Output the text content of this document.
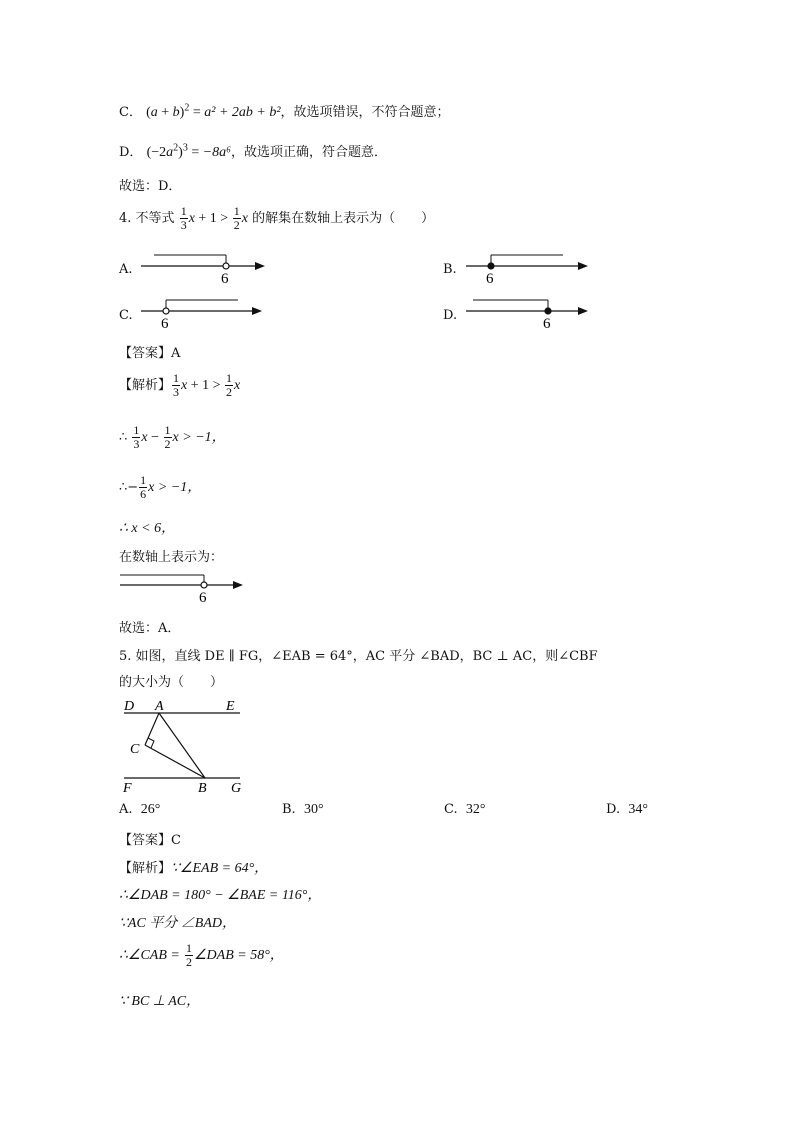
C． $(a + b)^2 = a^2 + 2ab + b^2$，故选项错误，不符合题意；
D． $(-2a^2)^3 = -8a^6$，故选项正确，符合题意．
故选：D．
4. 不等式 $\frac{1}{3}$ $x + 1 > \frac{1}{2}$ x 的解集在数轴上表示为（　　）
A.
6
B.
6
C.
6
D.
6
【答案】A
【解析】 $\frac{1}{3}$ $x + 1 > \frac{1}{2}$ x
∴ $\frac{1}{3}$ $x - \frac{1}{2}$ x > −1，
∴− $\frac{1}{6}$ x > −1，
∴ x < 6，
在数轴上表示为：
6
故选：A．
5. 如图，直线 DE ∥ FG，∠EAB = 64°，AC 平分 ∠BAD，BC ⊥ AC，则∠CBF
的大小为（　　）
D A	E
C
F	B G
A. 26°	B. 30°	C. 32°	D. 34°
【答案】C
【解析】∵∠EAB = 64°，
∴∠DAB = 180° − ∠BAE = 116°，
∵AC 平分 ∠BAD，
∴∠CAB = $\frac{1}{2}$ ∠DAB = 58°，
∵ BC ⊥ AC，
